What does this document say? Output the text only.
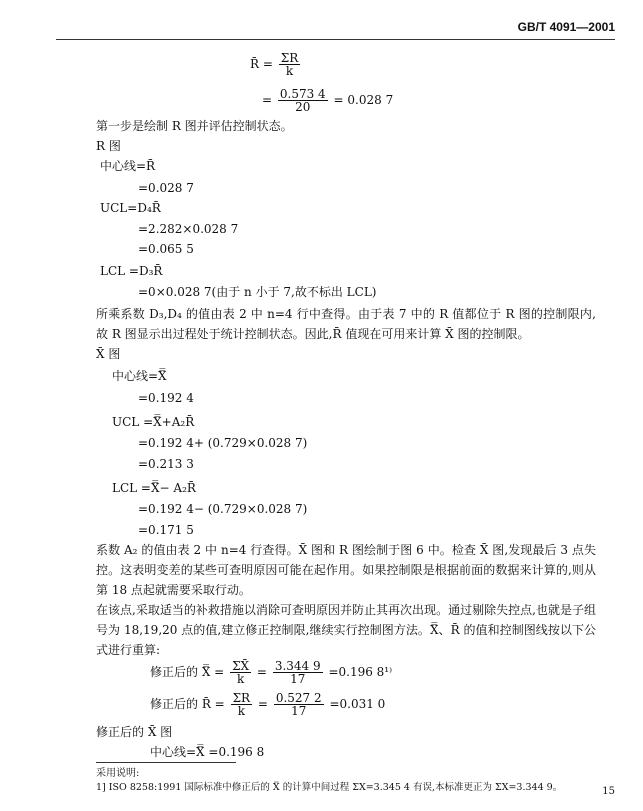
GB/T 4091—2001
R̄ = $\frac{\Sigma R}{k}$
= $\frac{0.573 4}{20} = 0.028$ 7
第一步是绘制 R 图并评估控制状态。
R 图
中心线=R̄
=0.028 7
UCL=D₄R̄
=2.282×0.028 7
=0.065 5
LCL =D₃R̄
=0×0.028 7(由于 n 小于 7,故不标出 LCL)
所乘系数 D₃,D₄ 的值由表 2 中 n=4 行中查得。由于表 7 中的 R 值都位于 R 图的控制限内,故 R 图显示出过程处于统计控制状态。因此,R̄ 值现在可用来计算 X̄ 图的控制限。
X̄ 图
中心线=X̿
=0.192 4
UCL =X̿+A₂R̄
=0.192 4+ (0.729×0.028 7)
=0.213 3
LCL =X̿− A₂R̄
=0.192 4− (0.729×0.028 7)
=0.171 5
系数 A₂ 的值由表 2 中 n=4 行查得。X̄ 图和 R 图绘制于图 6 中。检查 X̄ 图,发现最后 3 点失控。这表明变差的某些可查明原因可能在起作用。如果控制限是根据前面的数据来计算的,则从第 18 点起就需要采取行动。
在该点,采取适当的补救措施以消除可查明原因并防止其再次出现。通过剔除失控点,也就是子组号为 18,19,20 点的值,建立修正控制限,继续实行控制图方法。X̿、R̄ 的值和控制图线按以下公式进行重算:
修正后的 X̿ = $\frac{\Sigma X̄}{k} = \frac{3.344 9}{17} =0.196$ 8¹⁾
修正后的 R̄ = $\frac{\Sigma R}{k} = \frac{0.527 2}{17} =0.031$ 0
修正后的 X̄ 图
中心线=X̿ =0.196 8
采用说明:
1] ISO 8258:1991 国际标准中修正后的 X̿ 的计算中间过程 ΣX=3.345 4 有误,本标准更正为 ΣX=3.344 9。	15
